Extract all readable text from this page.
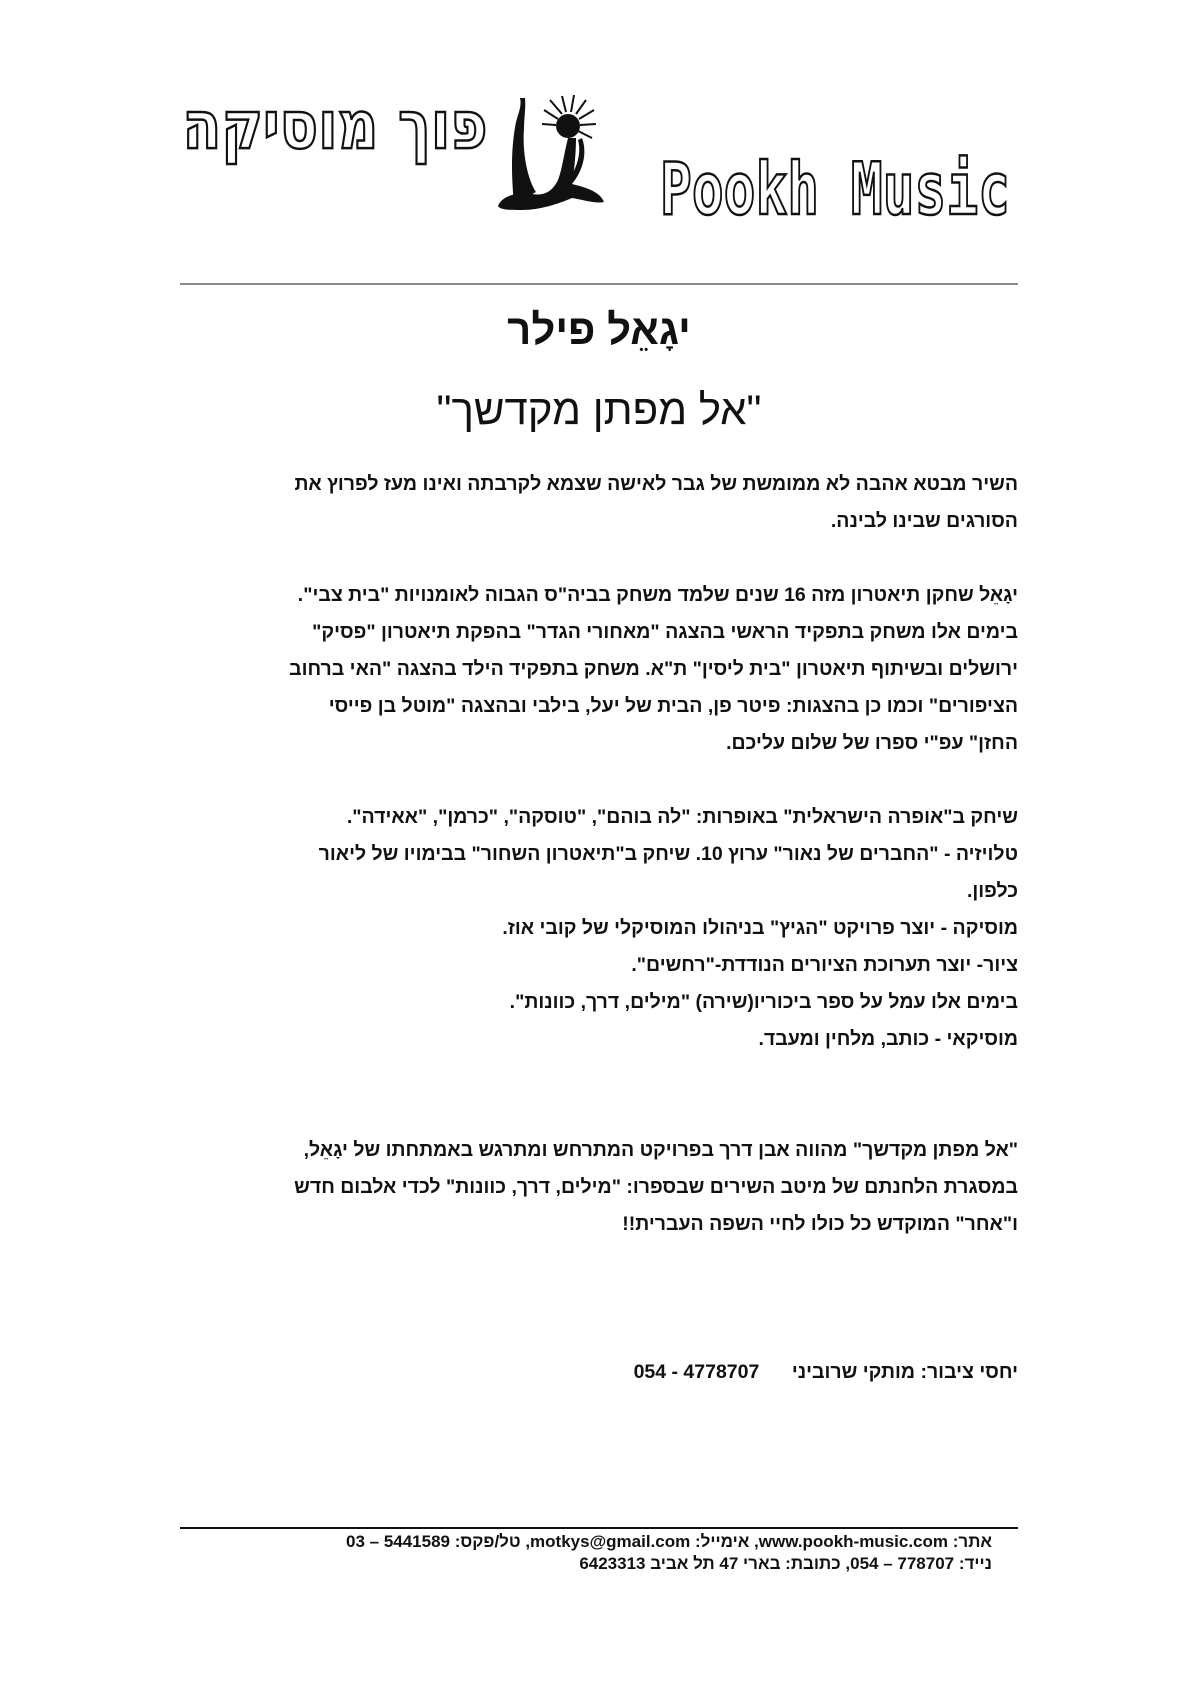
פוך מוסיקה
Pookh Music
יגָאֵל פילר
"אל מפתן מקדשך"
השיר מבטא אהבה לא ממומשת של גבר לאישה שצמא לקרבתה ואינו מעז לפרוץ את
הסורגים שבינו לבינה.
יגָאֵל שחקן תיאטרון מזה 16 שנים שלמד משחק בביה"ס הגבוה לאומנויות "בית צבי".
בימים אלו משחק בתפקיד הראשי בהצגה "מאחורי הגדר" בהפקת תיאטרון "פסיק"
ירושלים ובשיתוף תיאטרון "בית ליסין" ת"א. משחק בתפקיד הילד בהצגה "האי ברחוב
הציפורים" וכמו כן בהצגות: פיטר פן, הבית של יעל, בילבי ובהצגה "מוטל בן פייסי
החזן" עפ"י ספרו של שלום עליכם.
שיחק ב"אופרה הישראלית" באופרות: "לה בוהם", "טוסקה", "כרמן", "אאידה".
טלויזיה - "החברים של נאור" ערוץ 10. שיחק ב"תיאטרון השחור" בבימויו של ליאור
כלפון.
מוסיקה - יוצר פרויקט "הגיץ" בניהולו המוסיקלי של קובי אוז.
ציור- יוצר תערוכת הציורים הנודדת-"רחשים".
בימים אלו עמל על ספר ביכוריו(שירה) "מילים, דרך, כוונות".
מוסיקאי - כותב, מלחין ומעבד.
"אל מפתן מקדשך" מהווה אבן דרך בפרויקט המתרחש ומתרגש באמתחתו של יגָאֵל,
במסגרת הלחנתם של מיטב השירים שבספרו: "מילים, דרך, כוונות" לכדי אלבום חדש
ו"אחר" המוקדש כל כולו לחיי השפה העברית!!
יחסי ציבור: מותקי שרוביני      054 - 4778707
אתר: www.pookh-music.com, אימייל: motkys@gmail.com, טל/פקס: 5441589 – 03
נייד: 778707 – 054, כתובת: בארי 47 תל אביב 6423313
